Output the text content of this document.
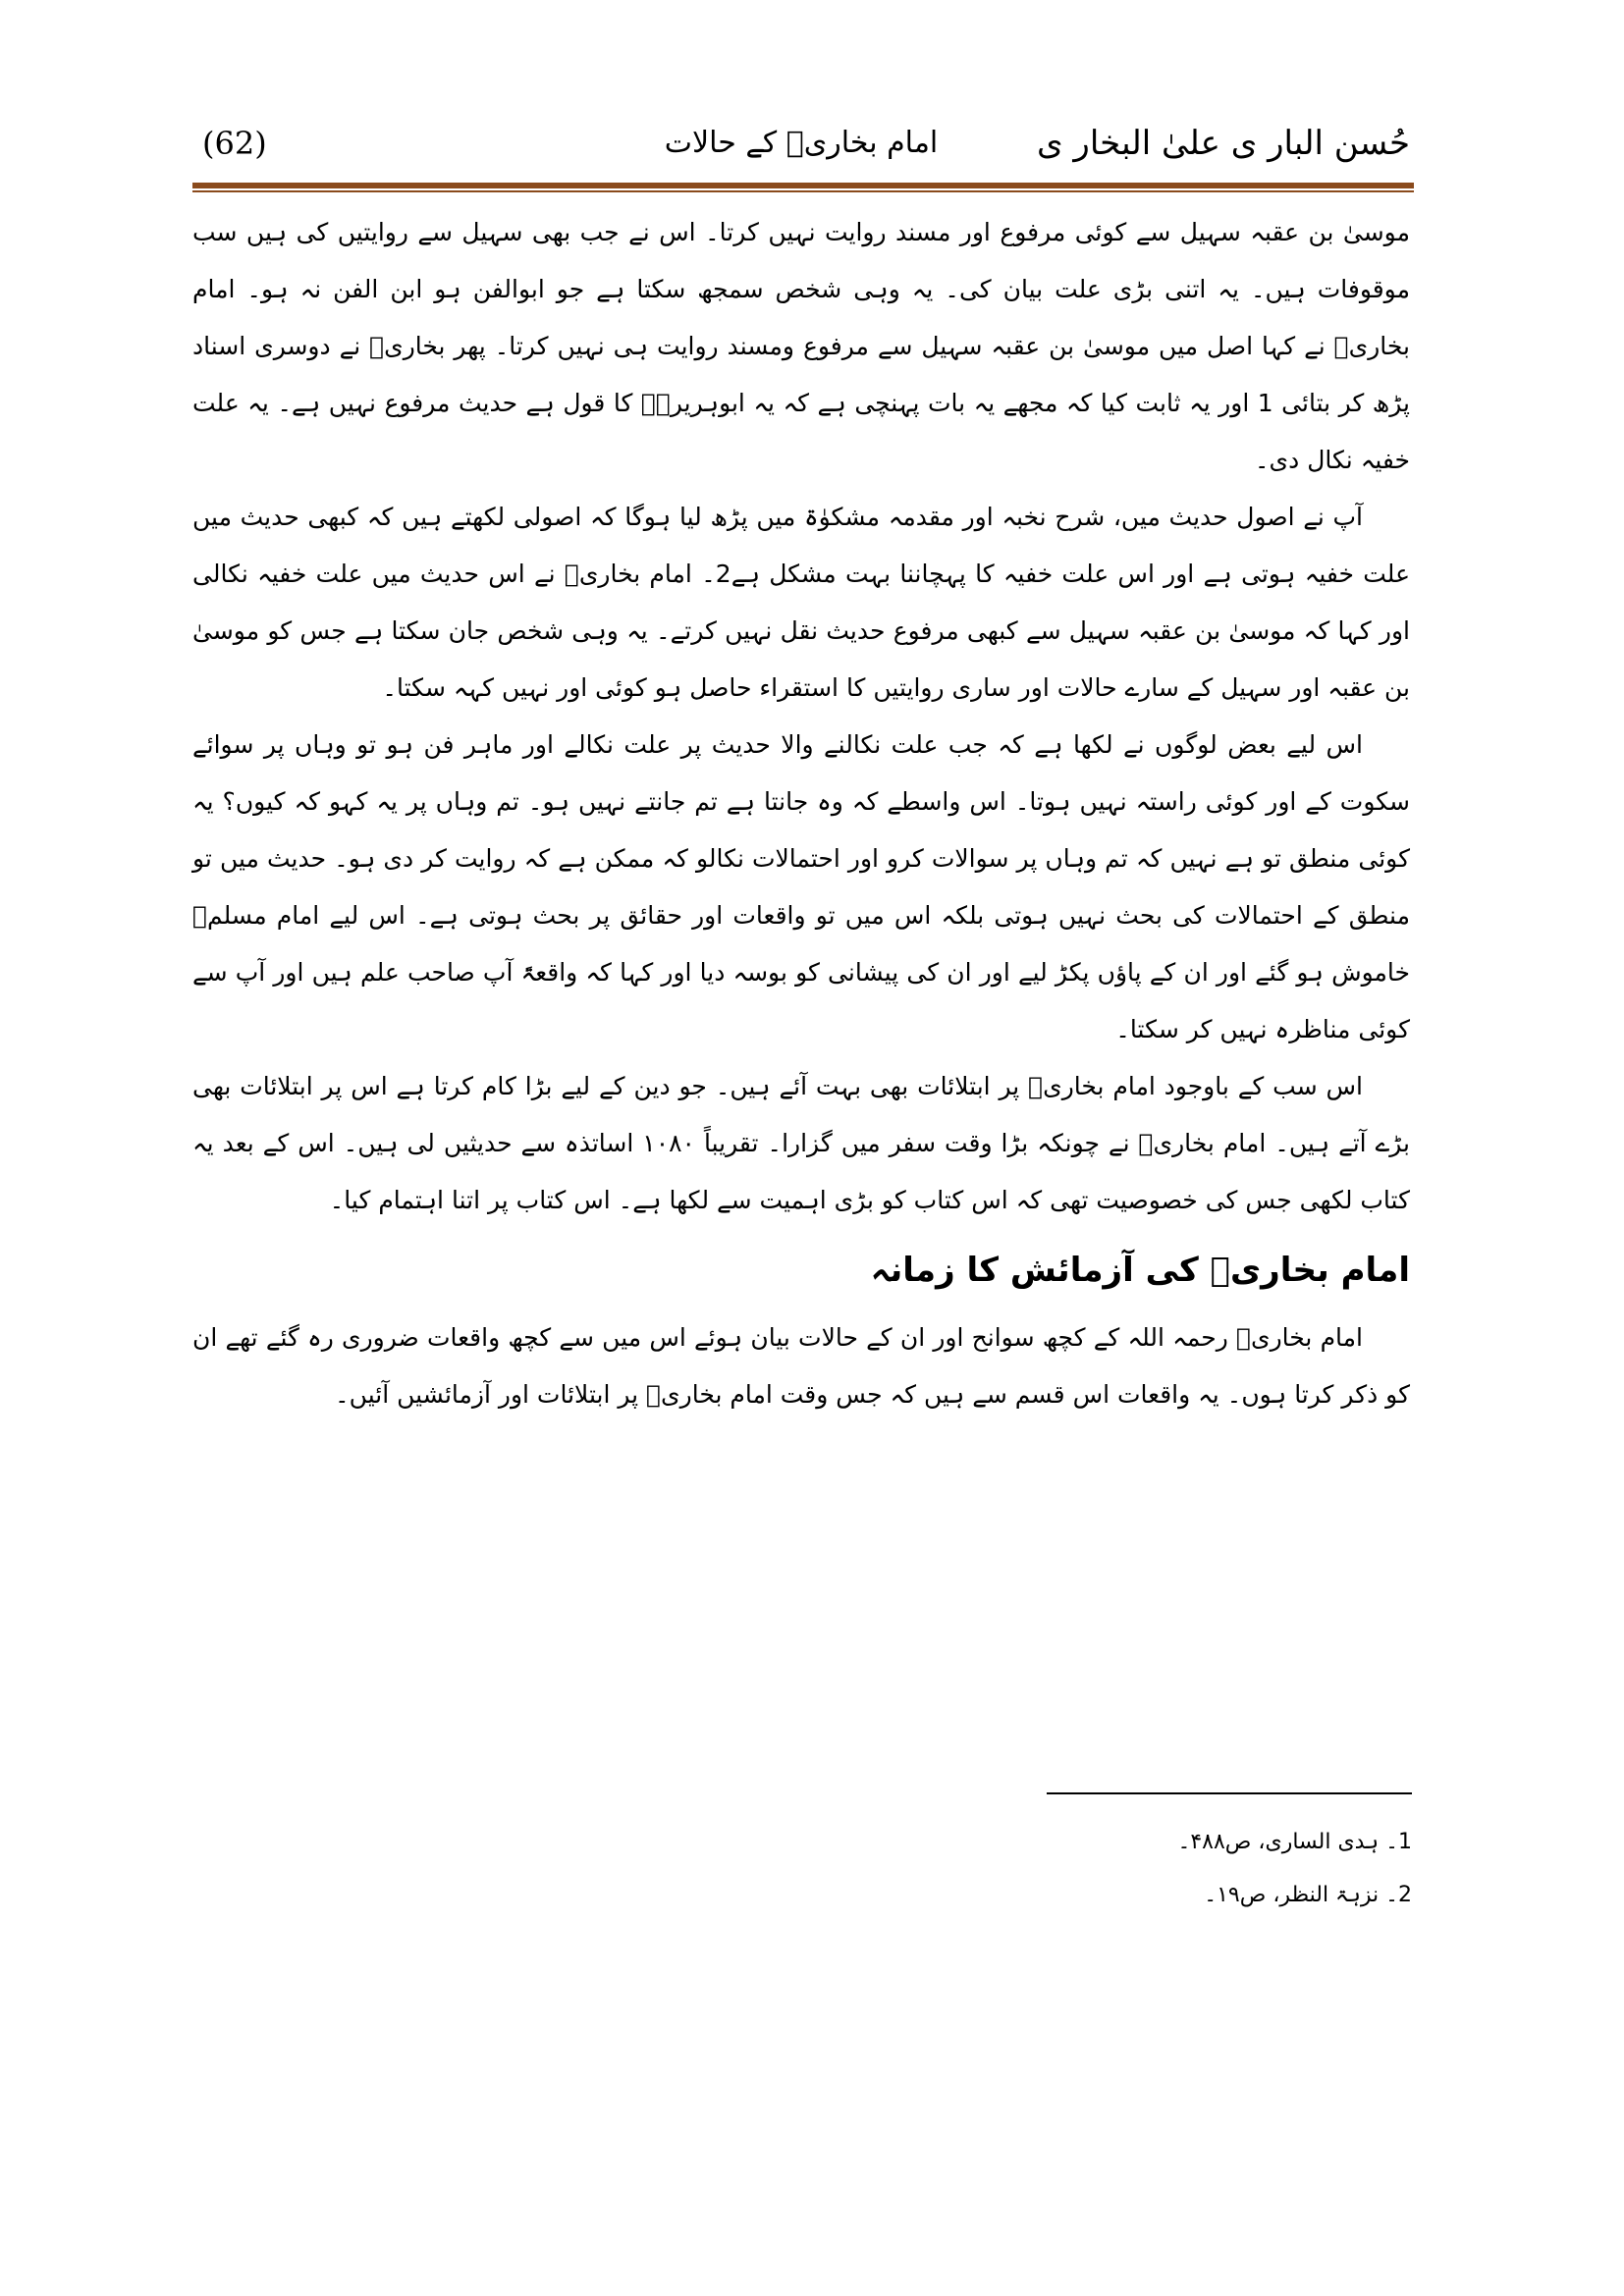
حُسن البار ی علیٰ البخار ی
امام بخاریؒ کے حالات
(62)

موسیٰ بن عقبہ سہیل سے کوئی مرفوع اور مسند روایت نہیں کرتا۔ اس نے جب بھی سہیل سے روایتیں کی ہیں سب موقوفات ہیں۔ یہ اتنی بڑی علت بیان کی۔ یہ وہی شخص سمجھ سکتا ہے جو ابوالفن ہو ابن الفن نہ ہو۔ امام بخاریؒ نے کہا اصل میں موسیٰ بن عقبہ سہیل سے مرفوع ومسند روایت ہی نہیں کرتا۔ پھر بخاریؒ نے دوسری اسناد پڑھ کر بتائی 1 اور یہ ثابت کیا کہ مجھے یہ بات پہنچی ہے کہ یہ ابوہریرہؓ کا قول ہے حدیث مرفوع نہیں ہے۔ یہ علت خفیہ نکال دی۔

آپ نے اصول حدیث میں، شرح نخبہ اور مقدمہ مشکوٰۃ میں پڑھ لیا ہوگا کہ اصولی لکھتے ہیں کہ کبھی حدیث میں علت خفیہ ہوتی ہے اور اس علت خفیہ کا پہچاننا بہت مشکل ہے2۔ امام بخاریؒ نے اس حدیث میں علت خفیہ نکالی اور کہا کہ موسیٰ بن عقبہ سہیل سے کبھی مرفوع حدیث نقل نہیں کرتے۔ یہ وہی شخص جان سکتا ہے جس کو موسیٰ بن عقبہ اور سہیل کے سارے حالات اور ساری روایتیں کا استقراء حاصل ہو کوئی اور نہیں کہہ سکتا۔

اس لیے بعض لوگوں نے لکھا ہے کہ جب علت نکالنے والا حدیث پر علت نکالے اور ماہر فن ہو تو وہاں پر سوائے سکوت کے اور کوئی راستہ نہیں ہوتا۔ اس واسطے کہ وہ جانتا ہے تم جانتے نہیں ہو۔ تم وہاں پر یہ کہو کہ کیوں؟ یہ کوئی منطق تو ہے نہیں کہ تم وہاں پر سوالات کرو اور احتمالات نکالو کہ ممکن ہے کہ روایت کر دی ہو۔ حدیث میں تو منطق کے احتمالات کی بحث نہیں ہوتی بلکہ اس میں تو واقعات اور حقائق پر بحث ہوتی ہے۔ اس لیے امام مسلمؒ خاموش ہو گئے اور ان کے پاؤں پکڑ لیے اور ان کی پیشانی کو بوسہ دیا اور کہا کہ واقعۃً آپ صاحب علم ہیں اور آپ سے کوئی مناظرہ نہیں کر سکتا۔

اس سب کے باوجود امام بخاریؒ پر ابتلائات بھی بہت آئے ہیں۔ جو دین کے لیے بڑا کام کرتا ہے اس پر ابتلائات بھی بڑے آتے ہیں۔ امام بخاریؒ نے چونکہ بڑا وقت سفر میں گزارا۔ تقریباً ۱۰۸۰ اساتذہ سے حدیثیں لی ہیں۔ اس کے بعد یہ کتاب لکھی جس کی خصوصیت تھی کہ اس کتاب کو بڑی اہمیت سے لکھا ہے۔ اس کتاب پر اتنا اہتمام کیا۔

امام بخاریؒ کی آزمائش کا زمانہ

امام بخاریؒ رحمہ اللہ کے کچھ سوانح اور ان کے حالات بیان ہوئے اس میں سے کچھ واقعات ضروری رہ گئے تھے ان کو ذکر کرتا ہوں۔ یہ واقعات اس قسم سے ہیں کہ جس وقت امام بخاریؒ پر ابتلائات اور آزمائشیں آئیں۔

1۔ ہدی الساری، ص۴۸۸۔

2۔ نزہۃ النظر، ص۱۹۔
